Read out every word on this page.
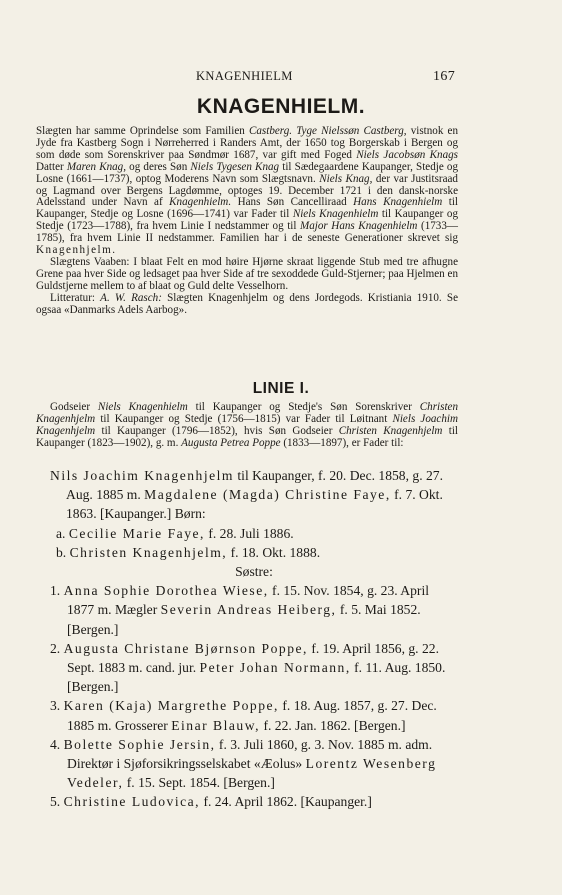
KNAGENHIELM	167
KNAGENHIELM.

Slægten har samme Oprindelse som Familien Castberg. Tyge Nielssøn Castberg, vistnok en Jyde fra Kastberg Sogn i Nørreherred i Randers Amt, der 1650 tog Borgerskab i Bergen og som døde som Sorenskriver paa Søndmør 1687, var gift med Foged Niels Jacobsøn Knags Datter Maren Knag, og deres Søn Niels Tygesen Knag til Sædegaardene Kaupanger, Stedje og Losne (1661—1737), optog Moderens Navn som Slægtsnavn. Niels Knag, der var Justitsraad og Lagmand over Bergens Lagdømme, optoges 19. December 1721 i den dansk-norske Adelsstand under Navn af Knagenhielm. Hans Søn Cancelliraad Hans Knagenhielm til Kaupanger, Stedje og Losne (1696—1741) var Fader til Niels Knagenhielm til Kaupanger og Stedje (1723—1788), fra hvem Linie I nedstammer og til Major Hans Knagenhielm (1733—1785), fra hvem Linie II nedstammer. Familien har i de seneste Generationer skrevet sig Knagenhjelm.

Slægtens Vaaben: I blaat Felt en mod høire Hjørne skraat liggende Stub med tre afhugne Grene paa hver Side og ledsaget paa hver Side af tre sexoddede Guld-Stjerner; paa Hjelmen en Guldstjerne mellem to af blaat og Guld delte Vesselhorn.

Litteratur: A. W. Rasch: Slægten Knagenhjelm og dens Jordegods. Kristiania 1910. Se ogsaa «Danmarks Adels Aarbog».

LINIE I.

Godseier Niels Knagenhielm til Kaupanger og Stedje's Søn Sorenskriver Christen Knagenhjelm til Kaupanger og Stedje (1756—1815) var Fader til Løitnant Niels Joachim Knagenhjelm til Kaupanger (1796—1852), hvis Søn Godseier Christen Knagenhjelm til Kaupanger (1823—1902), g. m. Augusta Petrea Poppe (1833—1897), er Fader til:

Nils Joachim Knagenhjelm til Kaupanger, f. 20. Dec. 1858, g. 27. Aug. 1885 m. Magdalene (Magda) Christine Faye, f. 7. Okt. 1863. [Kaupanger.] Børn:
a. Cecilie Marie Faye, f. 28. Juli 1886.
b. Christen Knagenhjelm, f. 18. Okt. 1888.
Søstre:
1. Anna Sophie Dorothea Wiese, f. 15. Nov. 1854, g. 23. April 1877 m. Mægler Severin Andreas Heiberg, f. 5. Mai 1852. [Bergen.]
2. Augusta Christane Bjørnson Poppe, f. 19. April 1856, g. 22. Sept. 1883 m. cand. jur. Peter Johan Normann, f. 11. Aug. 1850. [Bergen.]
3. Karen (Kaja) Margrethe Poppe, f. 18. Aug. 1857, g. 27. Dec. 1885 m. Grosserer Einar Blauw, f. 22. Jan. 1862. [Bergen.]
4. Bolette Sophie Jersin, f. 3. Juli 1860, g. 3. Nov. 1885 m. adm. Direktør i Sjøforsikringsselskabet «Æolus» Lorentz Wesenberg Vedeler, f. 15. Sept. 1854. [Bergen.]
5. Christine Ludovica, f. 24. April 1862. [Kaupanger.]
